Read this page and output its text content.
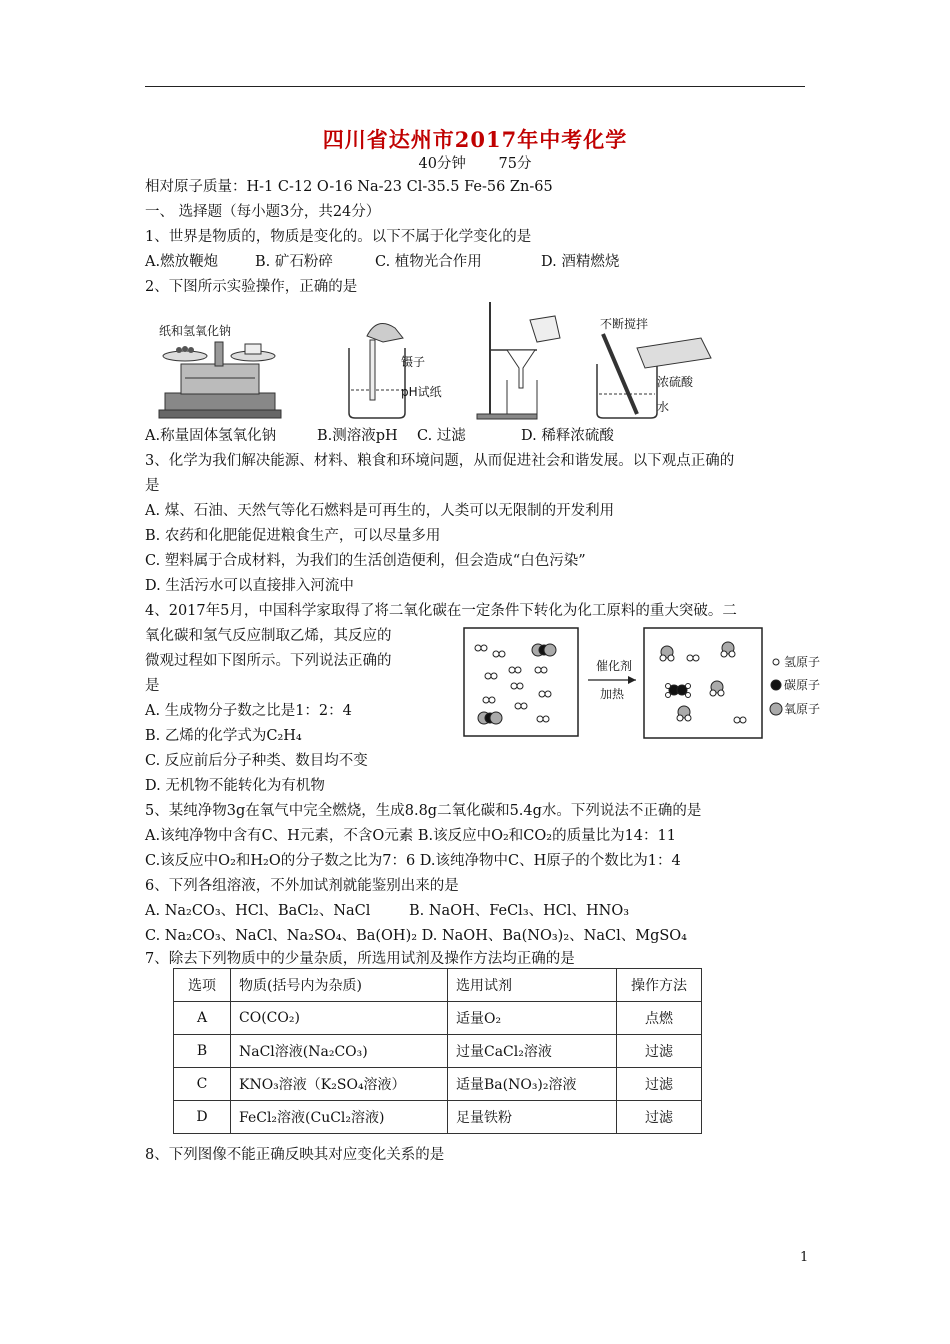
四川省达州市2017年中考化学
40分钟 75分
相对原子质量：H-1 C-12 O-16 Na-23 Cl-35.5 Fe-56 Zn-65
一、 选择题（每小题3分，共24分）
1、世界是物质的，物质是变化的。以下不属于化学变化的是
A.燃放鞭炮	B. 矿石粉碎	C. 植物光合作用	D. 酒精燃烧
2、下图所示实验操作，正确的是
纸和氢氧化钠
镊子
pH试纸
不断搅拌
浓硫酸
水
A.称量固体氢氧化钠	B.测溶液pH C. 过滤	D. 稀释浓硫酸
3、化学为我们解决能源、材料、粮食和环境问题，从而促进社会和谐发展。以下观点正确的
是
A. 煤、石油、天然气等化石燃料是可再生的，人类可以无限制的开发利用
B. 农药和化肥能促进粮食生产，可以尽量多用
C. 塑料属于合成材料，为我们的生活创造便利，但会造成“白色污染”
D. 生活污水可以直接排入河流中
4、2017年5月，中国科学家取得了将二氧化碳在一定条件下转化为化工原料的重大突破。二
氧化碳和氢气反应制取乙烯，其反应的
微观过程如下图所示。下列说法正确的
是
A. 生成物分子数之比是1：2：4
B. 乙烯的化学式为C₂H₄
C. 反应前后分子种类、数目均不变
D. 无机物不能转化为有机物
催化剂
加热
氢原子
碳原子
氧原子
5、某纯净物3g在氧气中完全燃烧，生成8.8g二氧化碳和5.4g水。下列说法不正确的是
A.该纯净物中含有C、H元素，不含O元素 B.该反应中O₂和CO₂的质量比为14：11
C.该反应中O₂和H₂O的分子数之比为7：6 D.该纯净物中C、H原子的个数比为1：4
6、下列各组溶液，不外加试剂就能鉴别出来的是
A. Na₂CO₃、HCl、BaCl₂、NaCl	B. NaOH、FeCl₃、HCl、HNO₃
C. Na₂CO₃、NaCl、Na₂SO₄、Ba(OH)₂ D. NaOH、Ba(NO₃)₂、NaCl、MgSO₄
7、除去下列物质中的少量杂质，所选用试剂及操作方法均正确的是
选项	物质(括号内为杂质)	选用试剂	操作方法
A	CO(CO₂)	适量O₂	点燃
B	NaCl溶液(Na₂CO₃)	过量CaCl₂溶液	过滤
C	KNO₃溶液（K₂SO₄溶液）	适量Ba(NO₃)₂溶液	过滤
D	FeCl₂溶液(CuCl₂溶液)	足量铁粉	过滤
8、下列图像不能正确反映其对应变化关系的是
1
